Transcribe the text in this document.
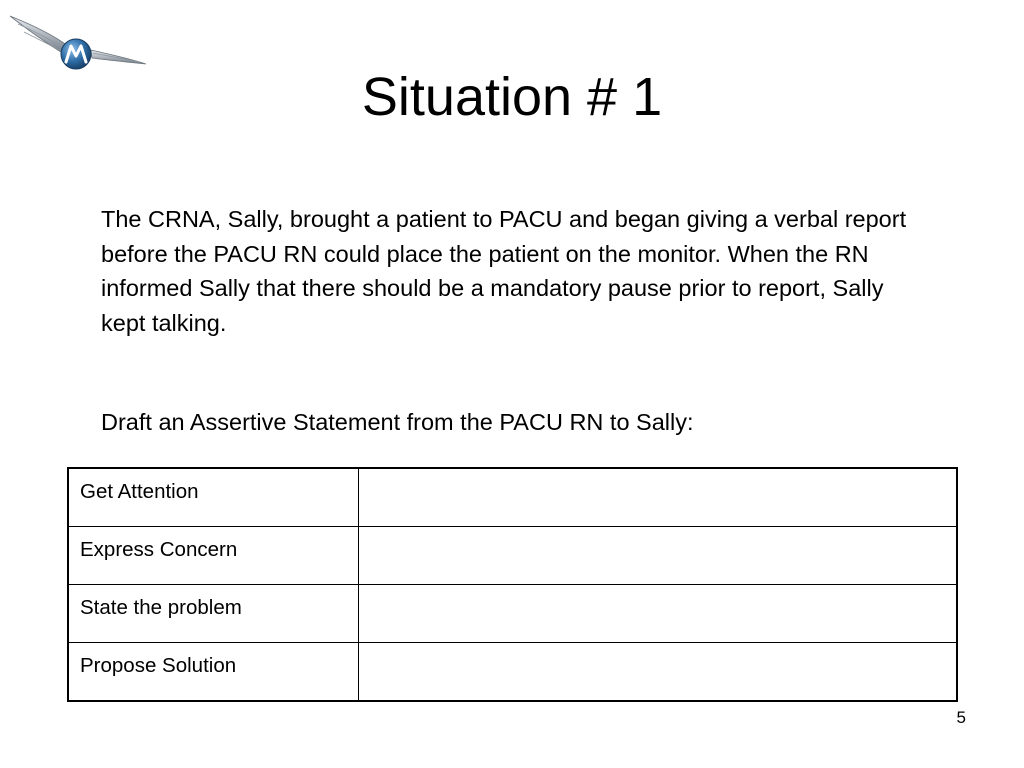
Situation # 1

The CRNA, Sally, brought a patient to PACU and began giving a verbal report before the PACU RN could place the patient on the monitor. When the RN informed Sally that there should be a mandatory pause prior to report, Sally kept talking.

Draft an Assertive Statement from the PACU RN to Sally:

Get Attention	
Express Concern	
State the problem	
Propose Solution	
5
